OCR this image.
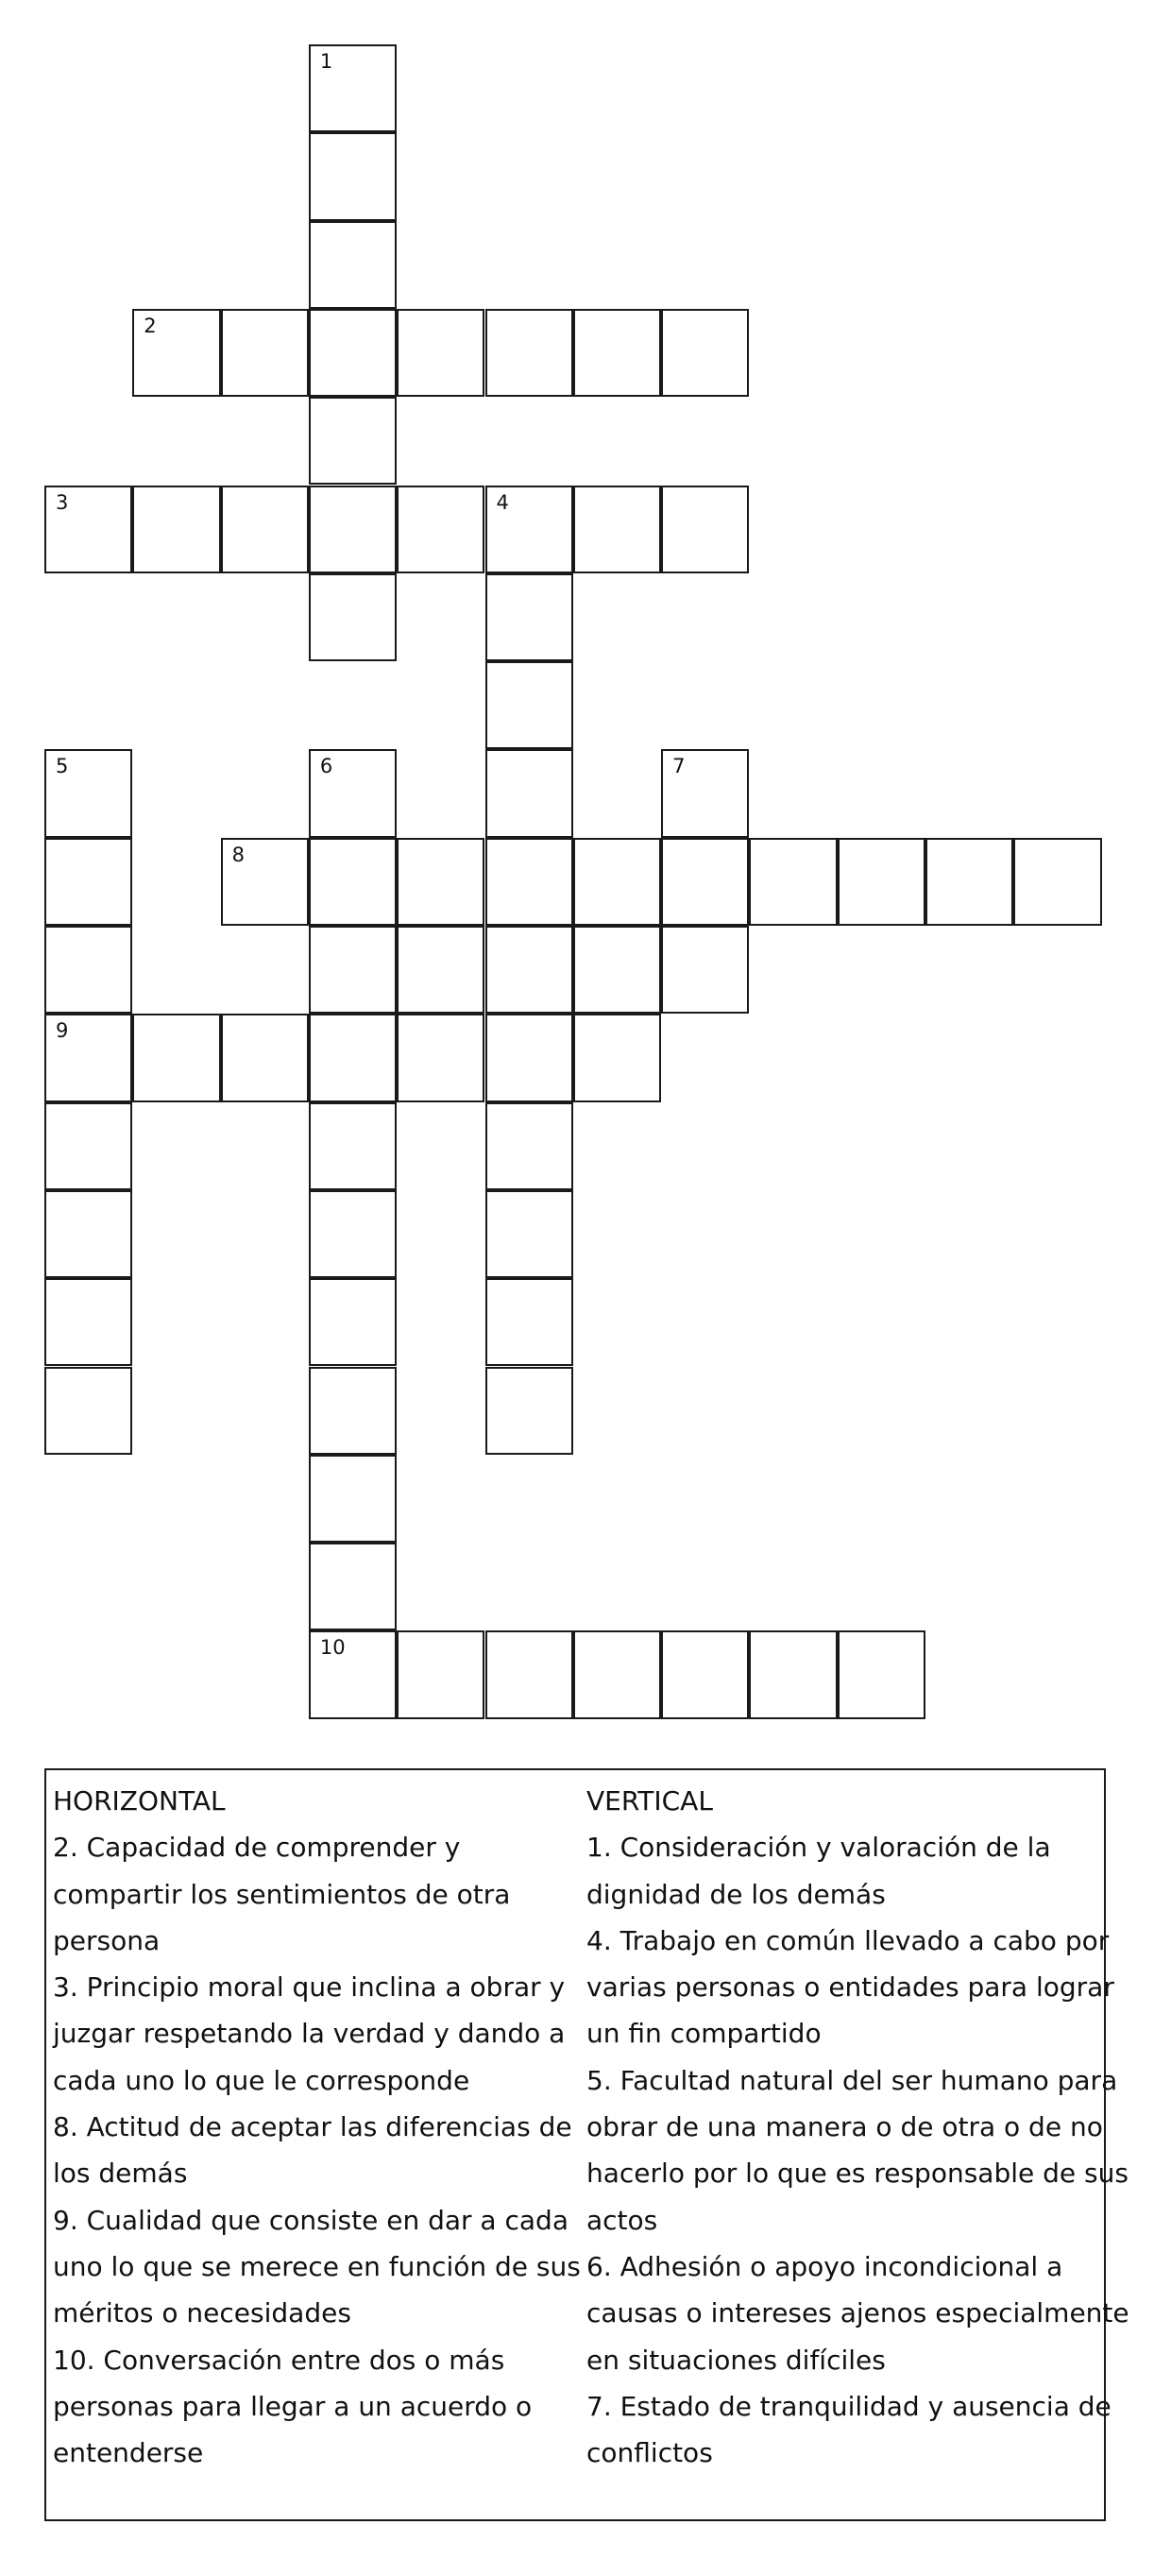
1
2
3	4
5	6	7
8
9
10
HORIZONTAL
2. Capacidad de comprender y
compartir los sentimientos de otra
persona
3. Principio moral que inclina a obrar y
juzgar respetando la verdad y dando a
cada uno lo que le corresponde
8. Actitud de aceptar las diferencias de
los demás
9. Cualidad que consiste en dar a cada
uno lo que se merece en función de sus
méritos o necesidades
10. Conversación entre dos o más
personas para llegar a un acuerdo o
entenderse
VERTICAL
1. Consideración y valoración de la
dignidad de los demás
4. Trabajo en común llevado a cabo por
varias personas o entidades para lograr
un fin compartido
5. Facultad natural del ser humano para
obrar de una manera o de otra o de no
hacerlo por lo que es responsable de sus
actos
6. Adhesión o apoyo incondicional a
causas o intereses ajenos especialmente
en situaciones difíciles
7. Estado de tranquilidad y ausencia de
conflictos
